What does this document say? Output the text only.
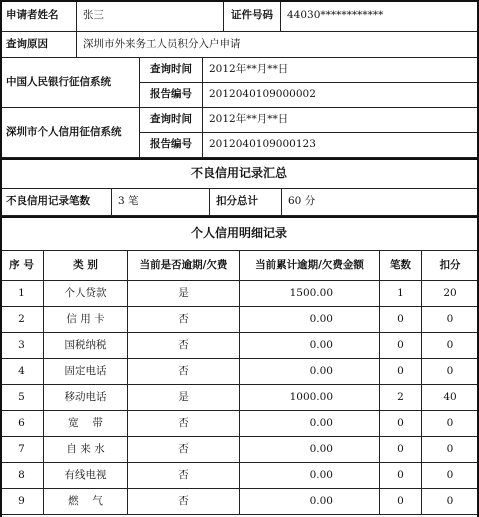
申请者姓名	张三	证件号码	44030************
查询原因	深圳市外来务工人员积分入户申请
中国人民银行征信系统
查询时间	2012年**月**日
报告编号	2012040109000002
深圳市个人信用征信系统
查询时间	2012年**月**日
报告编号	2012040109000123
不良信用记录汇总
不良信用记录笔数	3 笔	扣分总计	60 分
个人信用明细记录
序 号	类 别	当前是否逾期/欠费	当前累计逾期/欠费金额	笔数	扣分
1	个人贷款	是	1500.00	1	20
2	信 用 卡	否	0.00	0	0
3	国税纳税	否	0.00	0	0
4	固定电话	否	0.00	0	0
5	移动电话	是	1000.00	2	40
6	宽　 带	否	0.00	0	0
7	自 来 水	否	0.00	0	0
8	有线电视	否	0.00	0	0
9	燃　 气	否	0.00	0	0
